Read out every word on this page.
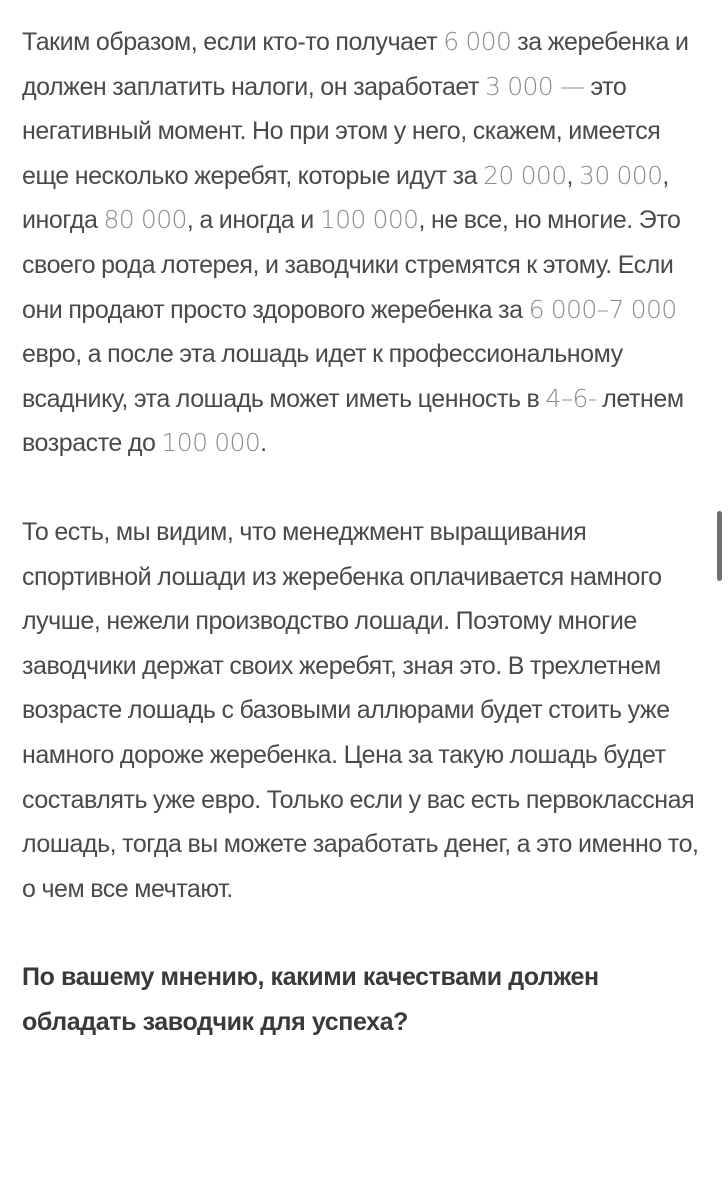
Таким образом, если кто-то получает 6 000 за жеребенка и должен заплатить налоги, он заработает 3 000 — это негативный момент. Но при этом у него, скажем, имеется еще несколько жеребят, которые идут за 20 000, 30 000, иногда 80 000, а иногда и 100 000, не все, но многие. Это своего рода лотерея, и заводчики стремятся к этому. Если они продают просто здорового жеребенка за 6 000–7 000 евро, а после эта лошадь идет к профессиональному всаднику, эта лошадь может иметь ценность в 4–6- летнем возрасте до 100 000.

То есть, мы видим, что менеджмент выращивания спортивной лошади из жеребенка оплачивается намного лучше, нежели производство лошади. Поэтому многие заводчики держат своих жеребят, зная это. В трехлетнем возрасте лошадь с базовыми аллюрами будет стоить уже намного дороже жеребенка. Цена за такую лошадь будет составлять уже евро. Только если у вас есть первоклассная лошадь, тогда вы можете заработать денег, а это именно то, о чем все мечтают.

По вашему мнению, какими качествами должен обладать заводчик для успеха?
